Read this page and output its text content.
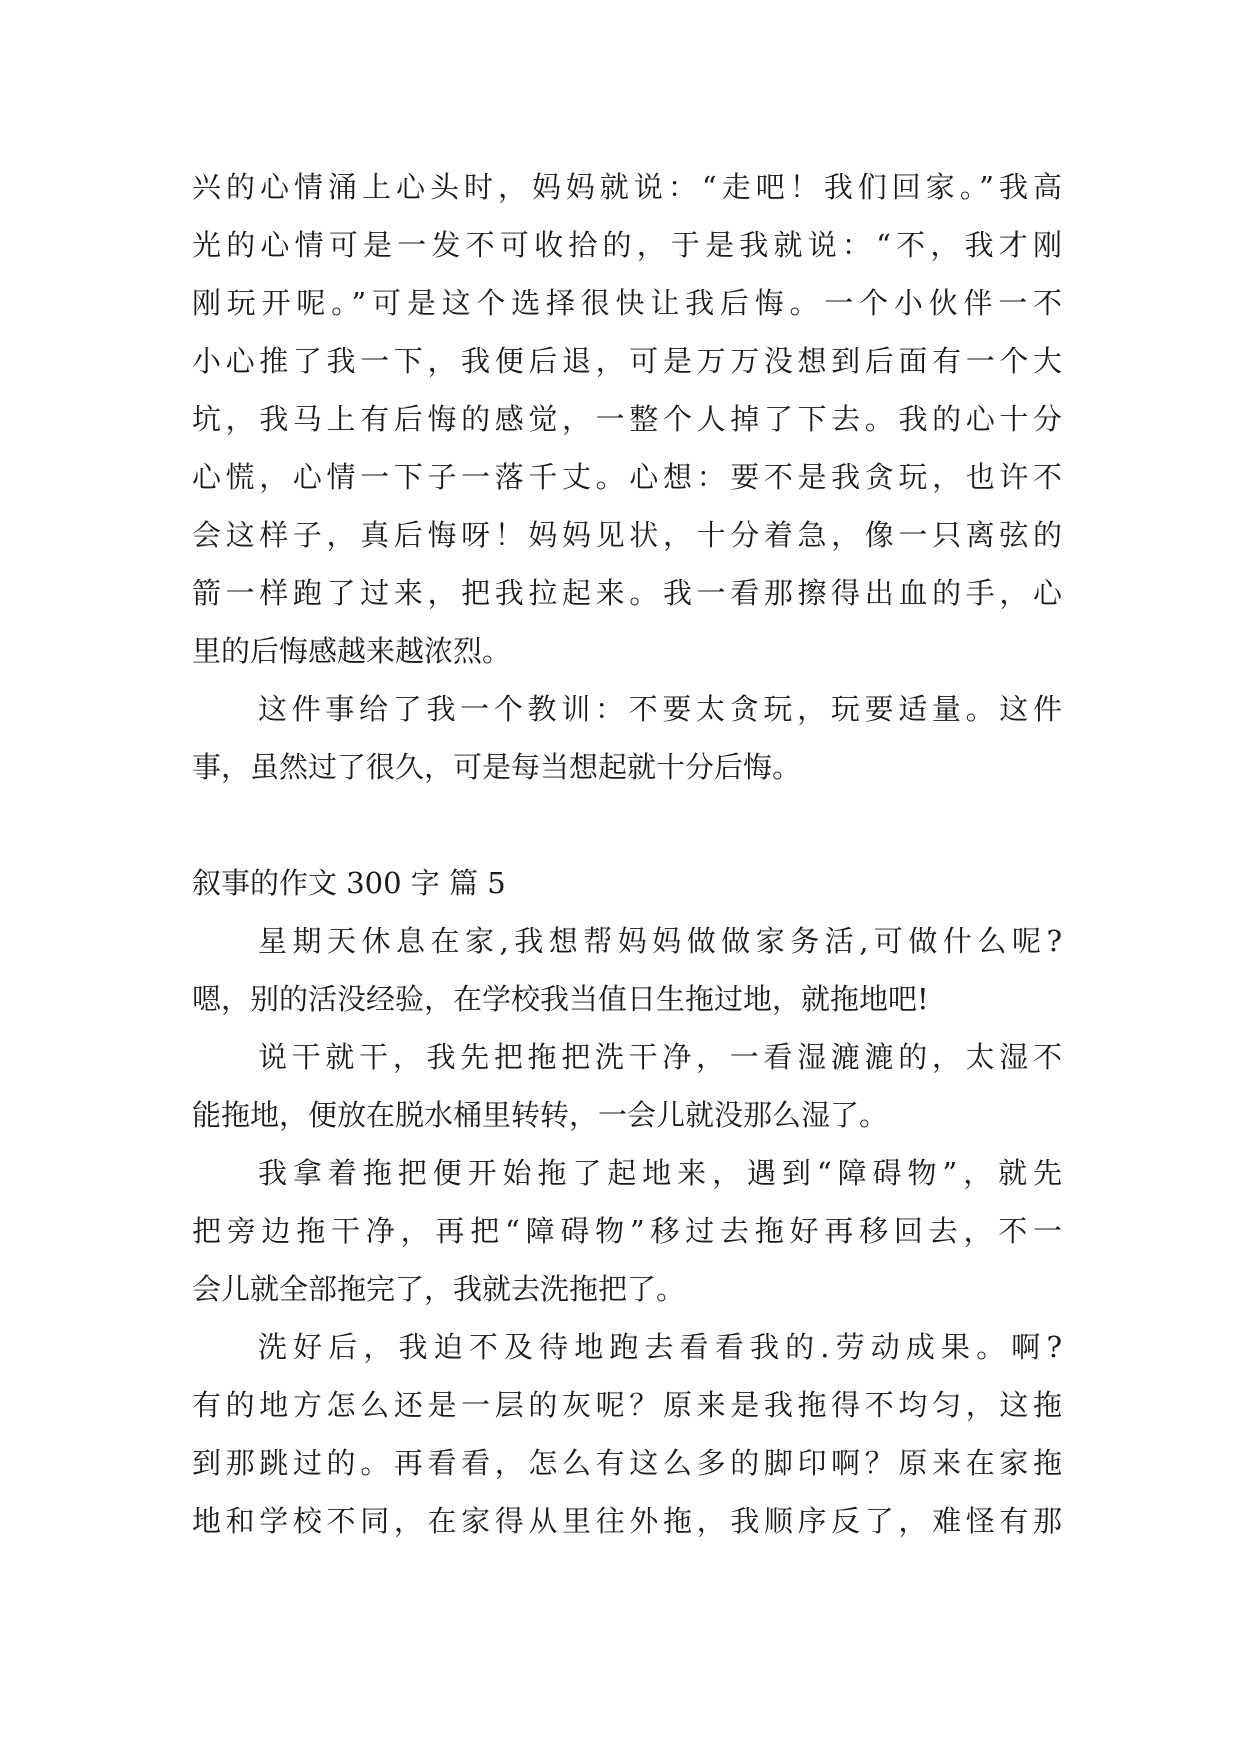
兴的心情涌上心头时，妈妈就说：“走吧！我们回家。”我高
光的心情可是一发不可收拾的，于是我就说：“不，我才刚
刚玩开呢。”可是这个选择很快让我后悔。一个小伙伴一不
小心推了我一下，我便后退，可是万万没想到后面有一个大
坑，我马上有后悔的感觉，一整个人掉了下去。我的心十分
心慌，心情一下子一落千丈。心想：要不是我贪玩，也许不
会这样子，真后悔呀！妈妈见状，十分着急，像一只离弦的
箭一样跑了过来，把我拉起来。我一看那擦得出血的手，心
里的后悔感越来越浓烈。
这件事给了我一个教训：不要太贪玩，玩要适量。这件
事，虽然过了很久，可是每当想起就十分后悔。
叙事的作文 300 字 篇 5
星期天休息在家,我想帮妈妈做做家务活,可做什么呢?
嗯，别的活没经验，在学校我当值日生拖过地，就拖地吧!
说干就干，我先把拖把洗干净，一看湿漉漉的，太湿不
能拖地，便放在脱水桶里转转，一会儿就没那么湿了。
我拿着拖把便开始拖了起地来，遇到“障碍物”，就先
把旁边拖干净，再把“障碍物”移过去拖好再移回去，不一
会儿就全部拖完了，我就去洗拖把了。
洗好后，我迫不及待地跑去看看我的.劳动成果。啊?
有的地方怎么还是一层的灰呢？原来是我拖得不均匀，这拖
到那跳过的。再看看，怎么有这么多的脚印啊？原来在家拖
地和学校不同，在家得从里往外拖，我顺序反了，难怪有那
